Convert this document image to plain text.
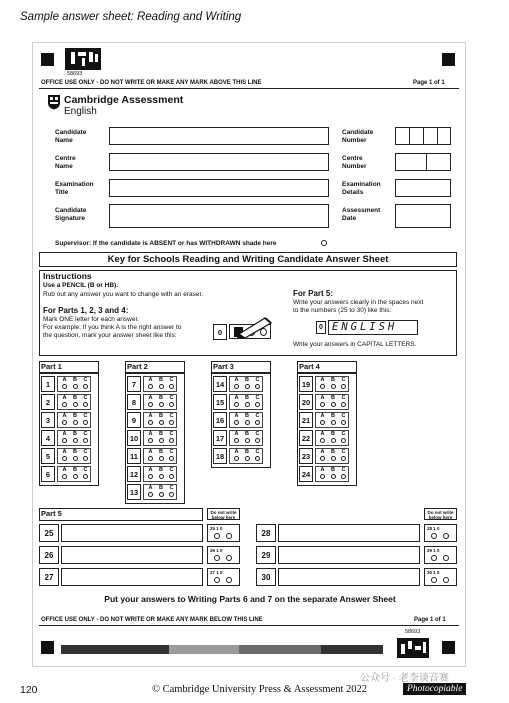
Sample answer sheet: Reading and Writing
58693
OFFICE USE ONLY - DO NOT WRITE OR MAKE ANY MARK ABOVE THIS LINE	Page 1 of 1
Cambridge Assessment
English
Candidate
Name
Centre
Name
Examination
Title
Candidate
Signature
Candidate
Number
Centre
Number
Examination
Details
Assessment
Date
Supervisor: If the candidate is ABSENT or has WITHDRAWN shade here
Key for Schools Reading and Writing Candidate Answer Sheet
Instructions
Use a PENCIL (B or HB).
Rub out any answer you want to change with an eraser.
For Parts 1, 2, 3 and 4:
Mark ONE letter for each answer.
For example: If you think A is the right answer to
the question, mark your answer sheet like this:	0
For Part 5:
Write your answers clearly in the spaces next
to the numbers (25 to 30) like this:
0 ENGLISH
Write your answers in CAPITAL LETTERS.
Part 1
1	A	B	C
2	A	B	C
3	A	B	C
4	A	B	C
5	A	B	C
6	A	B	C
Part 2
7	A	B	C
8	A	B	C
9	A	B	C
10	A	B	C
11	A	B	C
12	A	B	C
13	A	B	C
Part 3
14	A	B	C
15	A	B	C
16	A	B	C
17	A	B	C
18	A	B	C
Part 4
19	A	B	C
20	A	B	C
21	A	B	C
22	A	B	C
23	A	B	C
24	A	B	C
Part 5	Do not write below here
Do not write below here
25
25 1 0
26
26 1 0
27
27 1 0
28
28 1 0
29
29 1 0
30
30 1 0
Put your answers to Writing Parts 6 and 7 on the separate Answer Sheet
OFFICE USE ONLY - DO NOT WRITE OR MAKE ANY MARK BELOW THIS LINE	Page 1 of 1
58693
120	© Cambridge University Press & Assessment 2022	Photocopiable
公众号 · 老李谈音赛
